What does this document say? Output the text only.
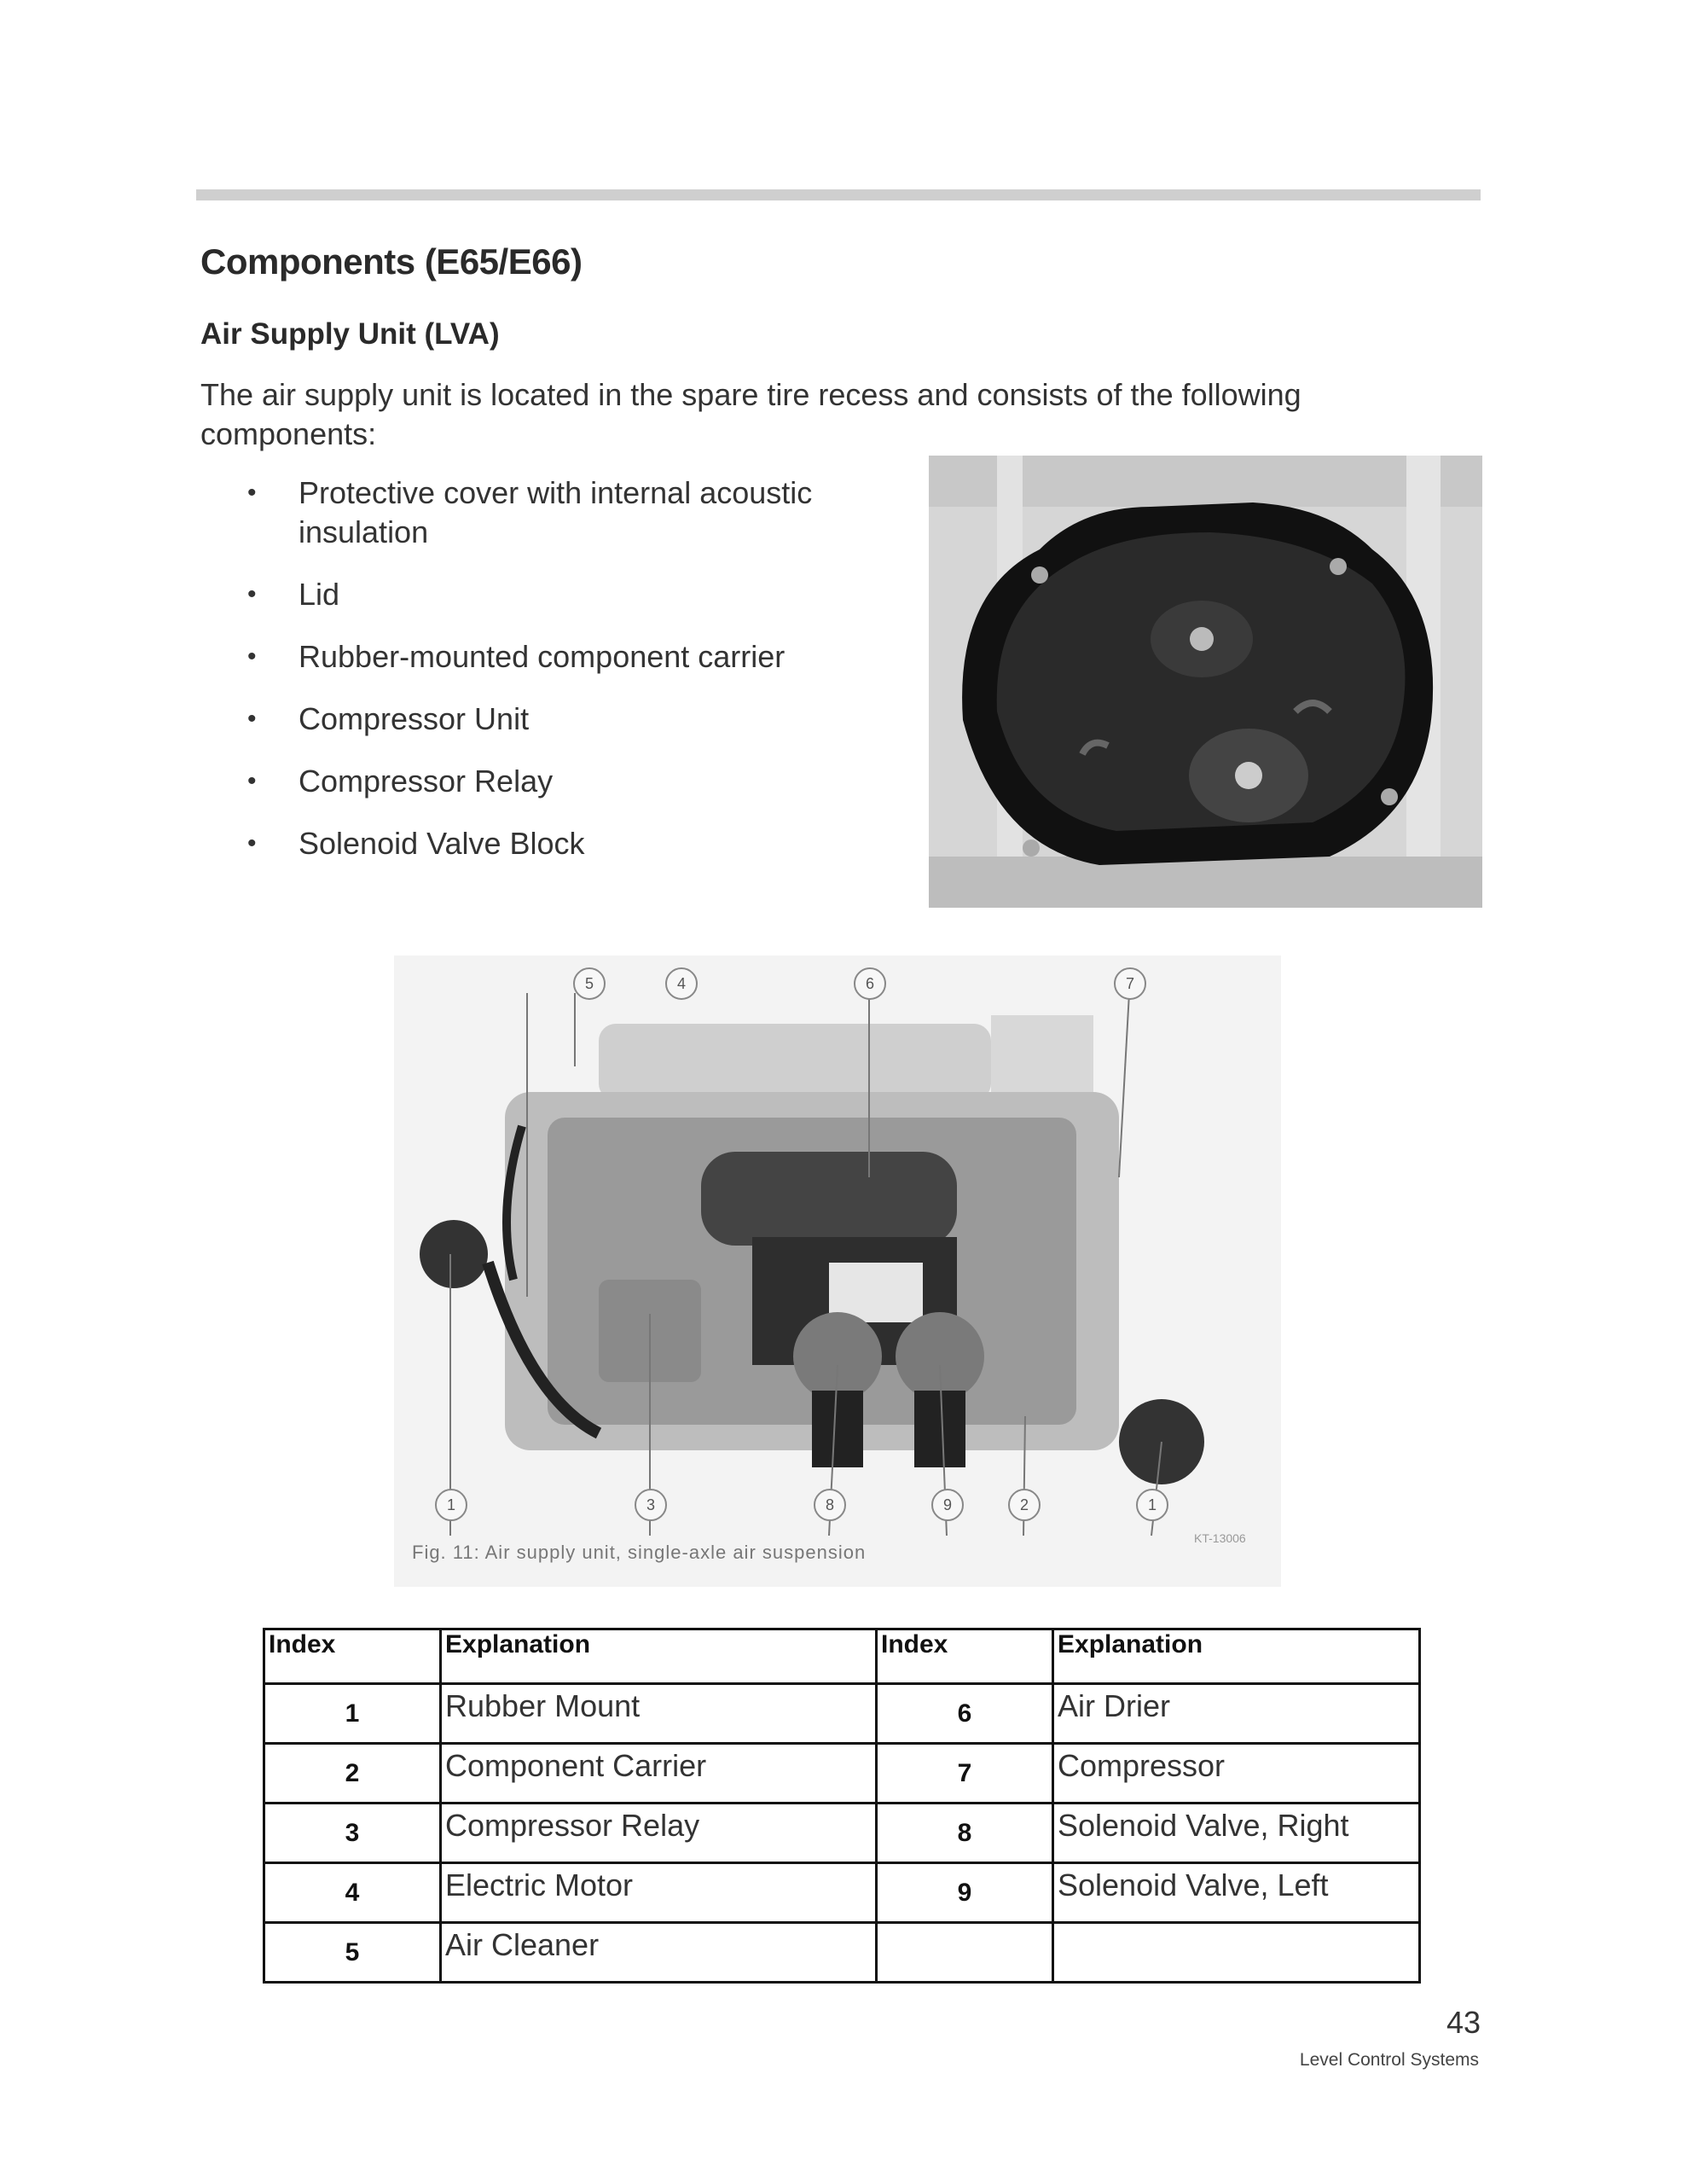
Components (E65/E66)
Air Supply Unit (LVA)

The air supply unit is located in the spare tire recess and consists of the following components:

• Protective cover with internal acoustic insulation
• Lid
• Rubber-mounted component carrier
• Compressor Unit
• Compressor Relay
• Solenoid Valve Block
5	4	6	7
1	3	8	9	2	1
Fig. 11: Air supply unit, single-axle air suspension
KT-13006
Index	Explanation	Index	Explanation
1	Rubber Mount	6	Air Drier
2	Component Carrier	7	Compressor
3	Compressor Relay	8	Solenoid Valve, Right
4	Electric Motor	9	Solenoid Valve, Left
5	Air Cleaner		
43
Level Control Systems
